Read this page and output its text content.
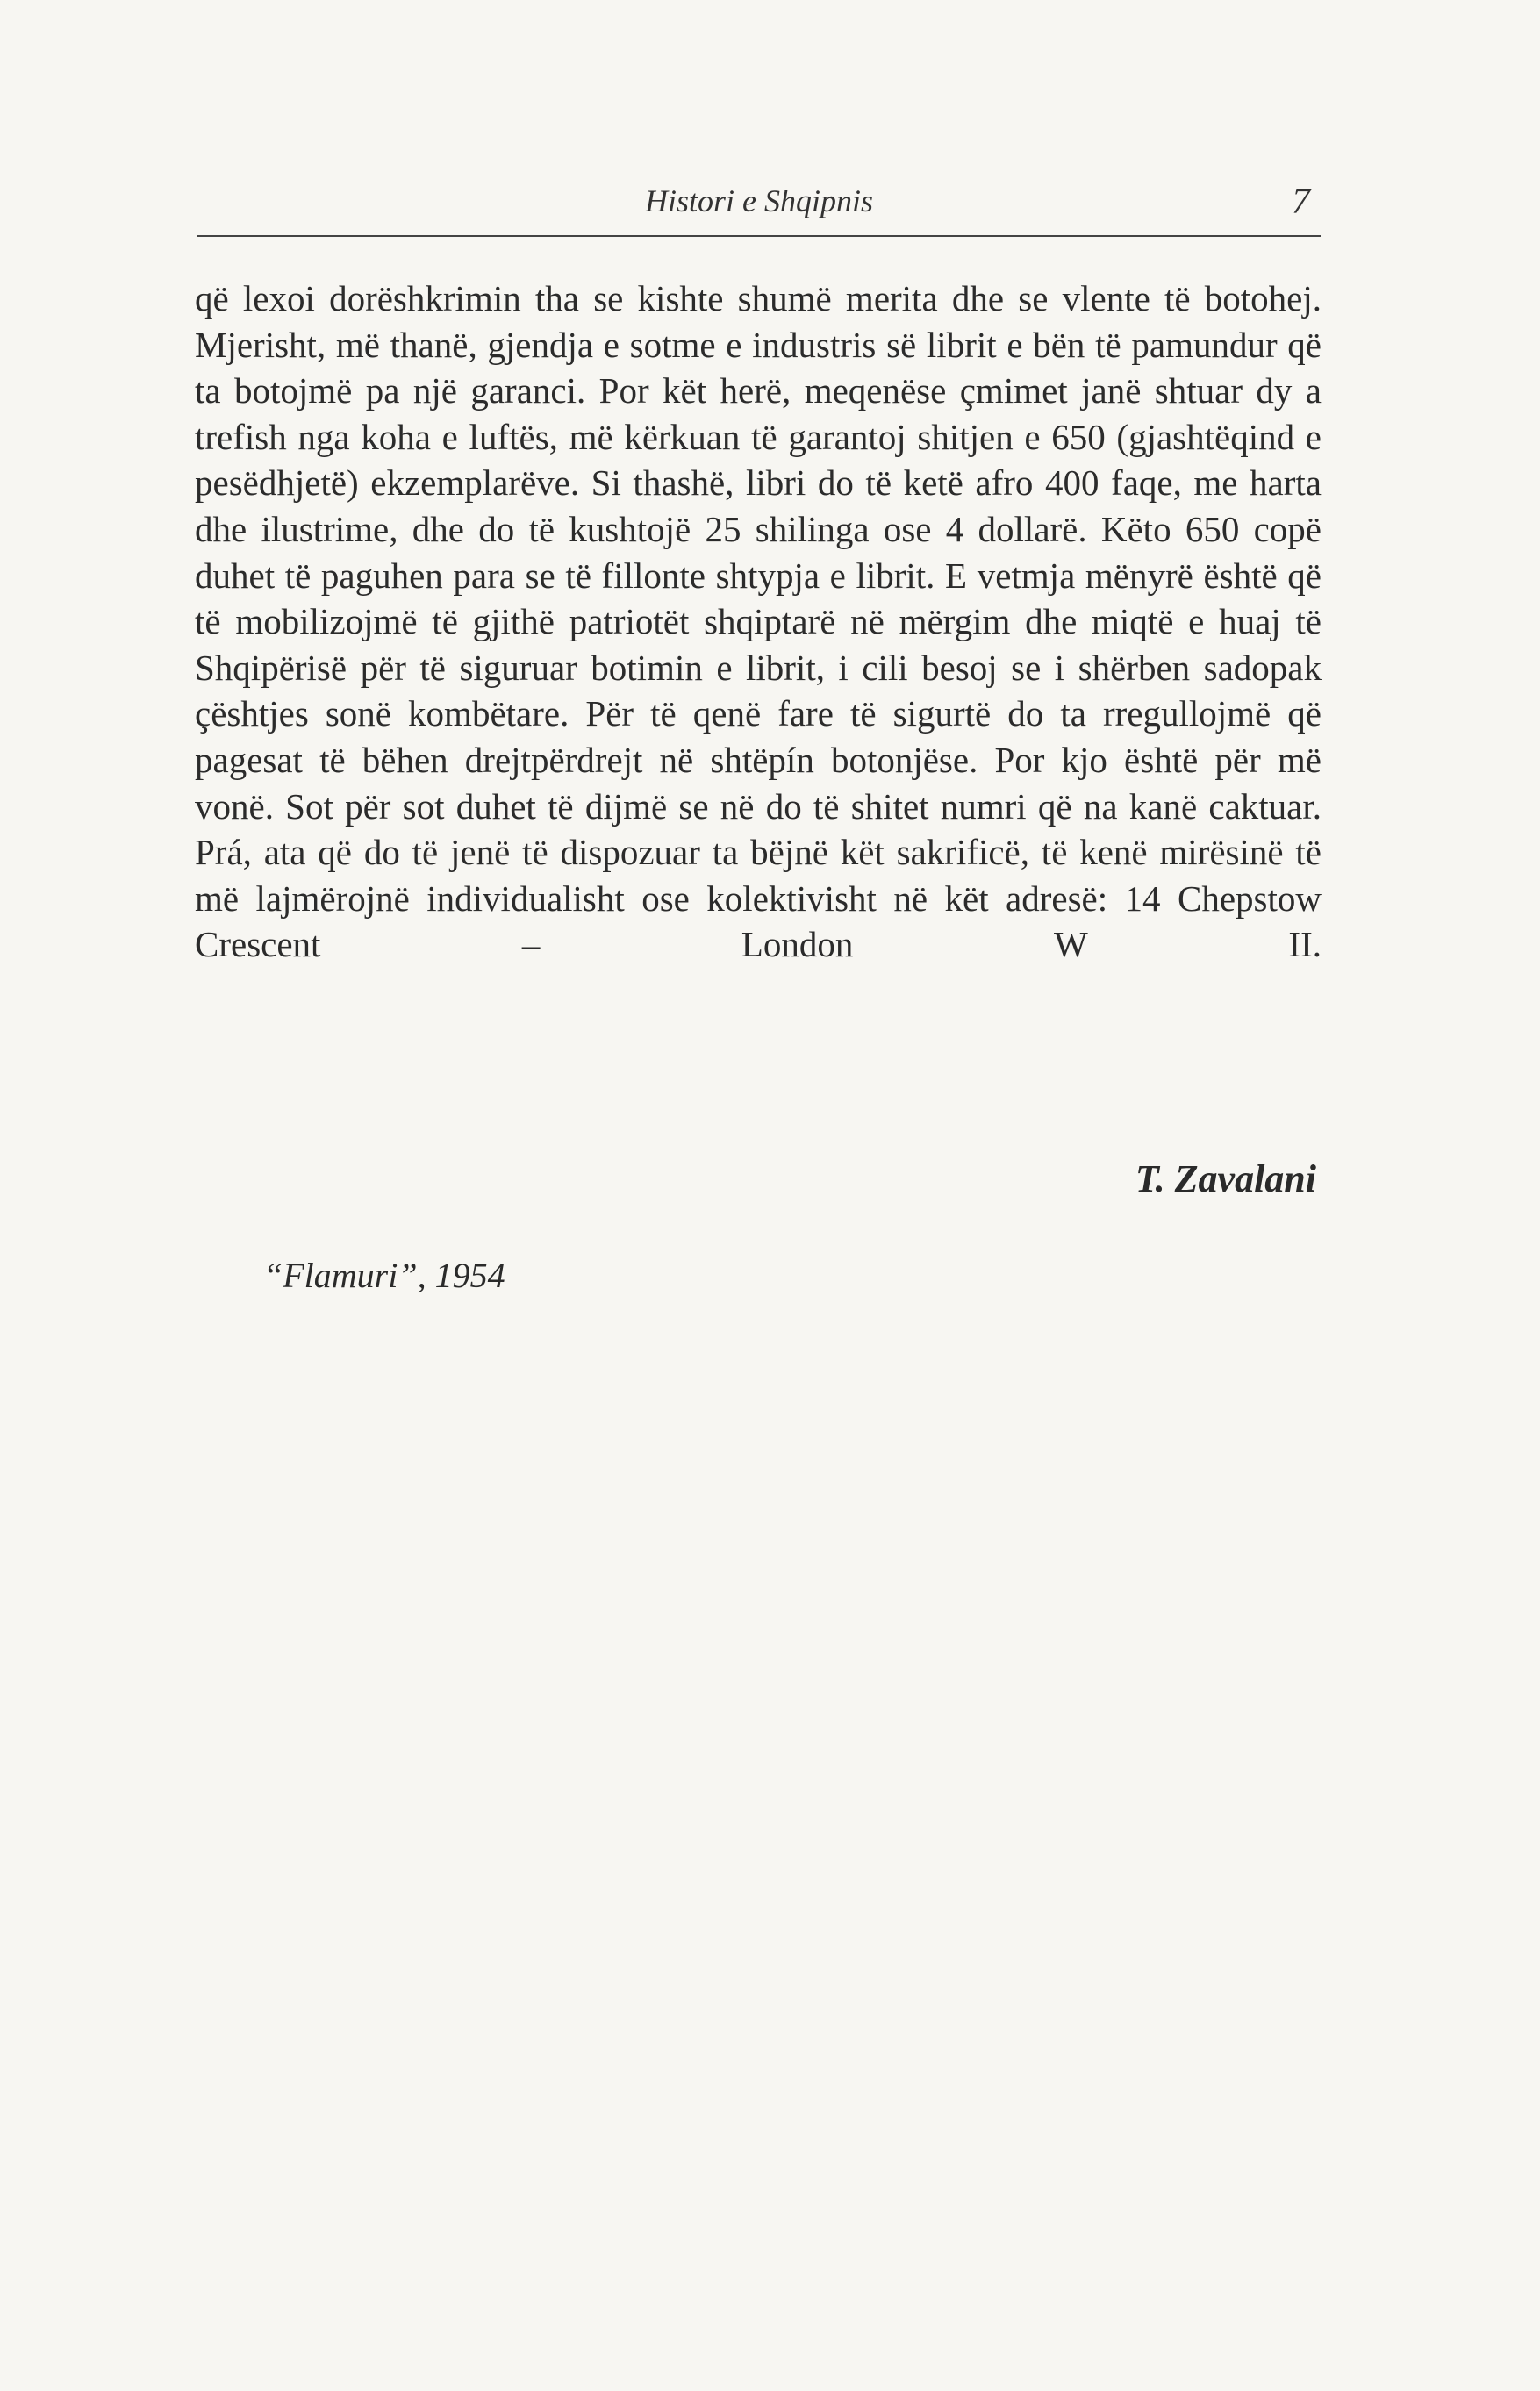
Histori e Shqipnis	7

që lexoi dorëshkrimin tha se kishte shumë merita dhe se vlente të botohej. Mjerisht, më thanë, gjendja e sotme e industris së librit e bën të pamundur që ta botojmë pa një garanci. Por kët herë, meqenëse çmimet janë shtuar dy a trefish nga koha e luftës, më kërkuan të garantoj shitjen e 650 (gjashtëqind e pesëdhjetë) ekzemplarëve. Si thashë, libri do të ketë afro 400 faqe, me harta dhe ilustrime, dhe do të kushtojë 25 shilinga ose 4 dollarë. Këto 650 copë duhet të paguhen para se të fillonte shtypja e librit. E vetmja mënyrë është që të mobilizojmë të gjithë patriotët shqiptarë në mërgim dhe miqtë e huaj të Shqipërisë për të siguruar botimin e librit, i cili besoj se i shërben sadopak çështjes sonë kombëtare. Për të qenë fare të sigurtë do ta rregullojmë që pagesat të bëhen drejtpërdrejt në shtëpín botonjëse. Por kjo është për më vonë. Sot për sot duhet të dijmë se në do të shitet numri që na kanë caktuar. Prá, ata që do të jenë të dispozuar ta bëjnë kët sakrificë, të kenë mirësinë të më lajmërojnë individualisht ose kolektivisht në kët adresë: 14 Chepstow Crescent – London W II.

T. Zavalani
“Flamuri”, 1954
